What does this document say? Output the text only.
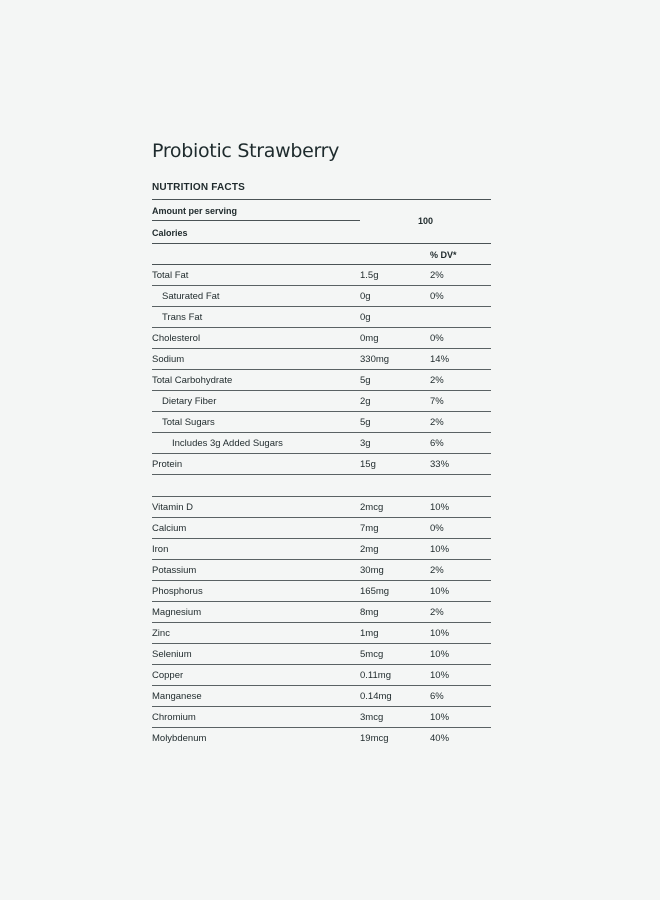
Probiotic Strawberry
NUTRITION FACTS
Amount per serving
100
Calories
% DV*
Total Fat	1.5g	2%
Saturated Fat	0g	0%
Trans Fat	0g
Cholesterol	0mg	0%
Sodium	330mg	14%
Total Carbohydrate	5g	2%
Dietary Fiber	2g	7%
Total Sugars	5g	2%
Includes 3g Added Sugars	3g	6%
Protein	15g	33%
Vitamin D	2mcg	10%
Calcium	7mg	0%
Iron	2mg	10%
Potassium	30mg	2%
Phosphorus	165mg	10%
Magnesium	8mg	2%
Zinc	1mg	10%
Selenium	5mcg	10%
Copper	0.11mg	10%
Manganese	0.14mg	6%
Chromium	3mcg	10%
Molybdenum	19mcg	40%
